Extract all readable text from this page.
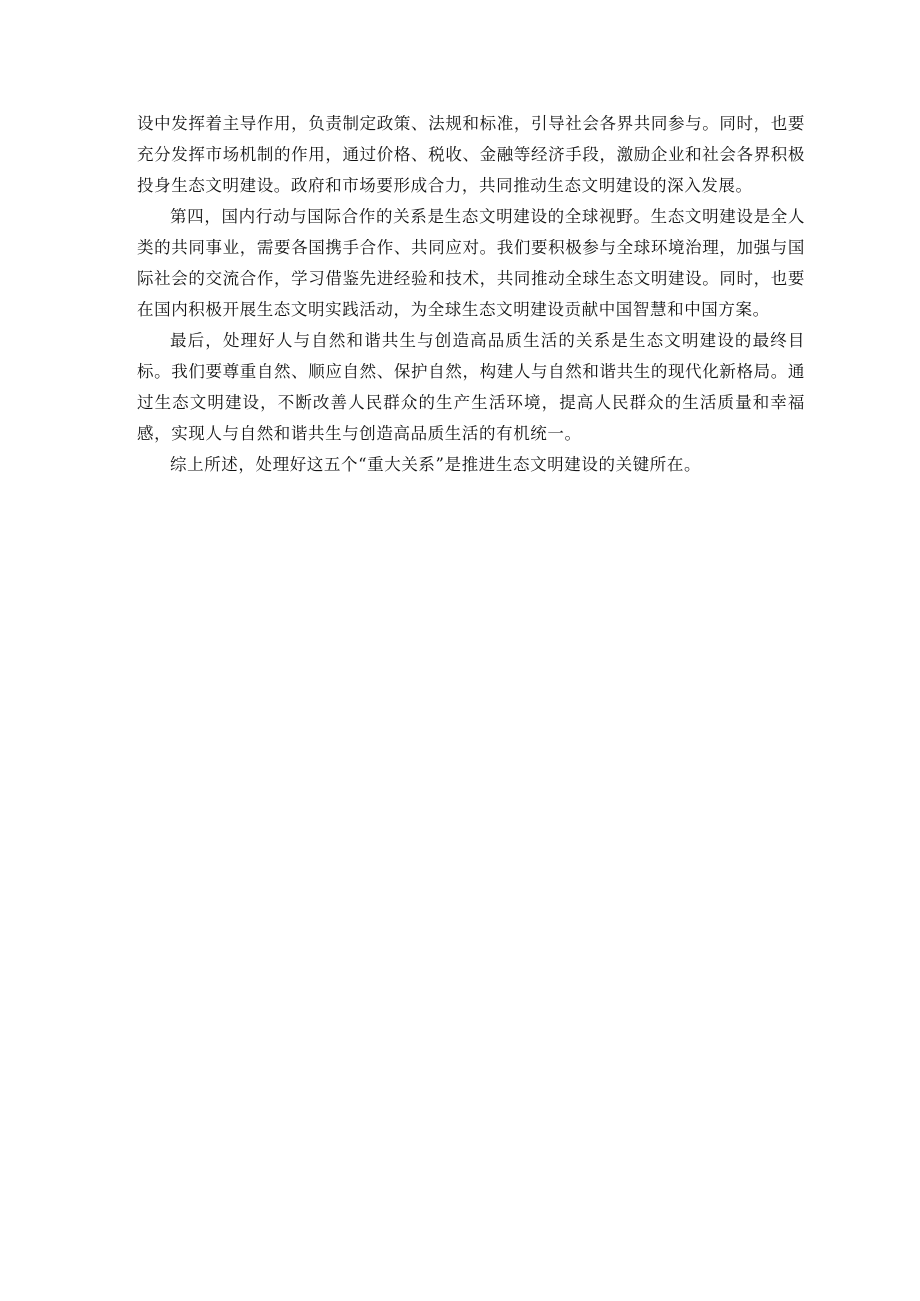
设中发挥着主导作用，负责制定政策、法规和标准，引导社会各界共同参与。同时，也要充分发挥市场机制的作用，通过价格、税收、金融等经济手段，激励企业和社会各界积极投身生态文明建设。政府和市场要形成合力，共同推动生态文明建设的深入发展。

第四，国内行动与国际合作的关系是生态文明建设的全球视野。生态文明建设是全人类的共同事业，需要各国携手合作、共同应对。我们要积极参与全球环境治理，加强与国际社会的交流合作，学习借鉴先进经验和技术，共同推动全球生态文明建设。同时，也要在国内积极开展生态文明实践活动，为全球生态文明建设贡献中国智慧和中国方案。

最后，处理好人与自然和谐共生与创造高品质生活的关系是生态文明建设的最终目标。我们要尊重自然、顺应自然、保护自然，构建人与自然和谐共生的现代化新格局。通过生态文明建设，不断改善人民群众的生产生活环境，提高人民群众的生活质量和幸福感，实现人与自然和谐共生与创造高品质生活的有机统一。

综上所述，处理好这五个“重大关系”是推进生态文明建设的关键所在。
